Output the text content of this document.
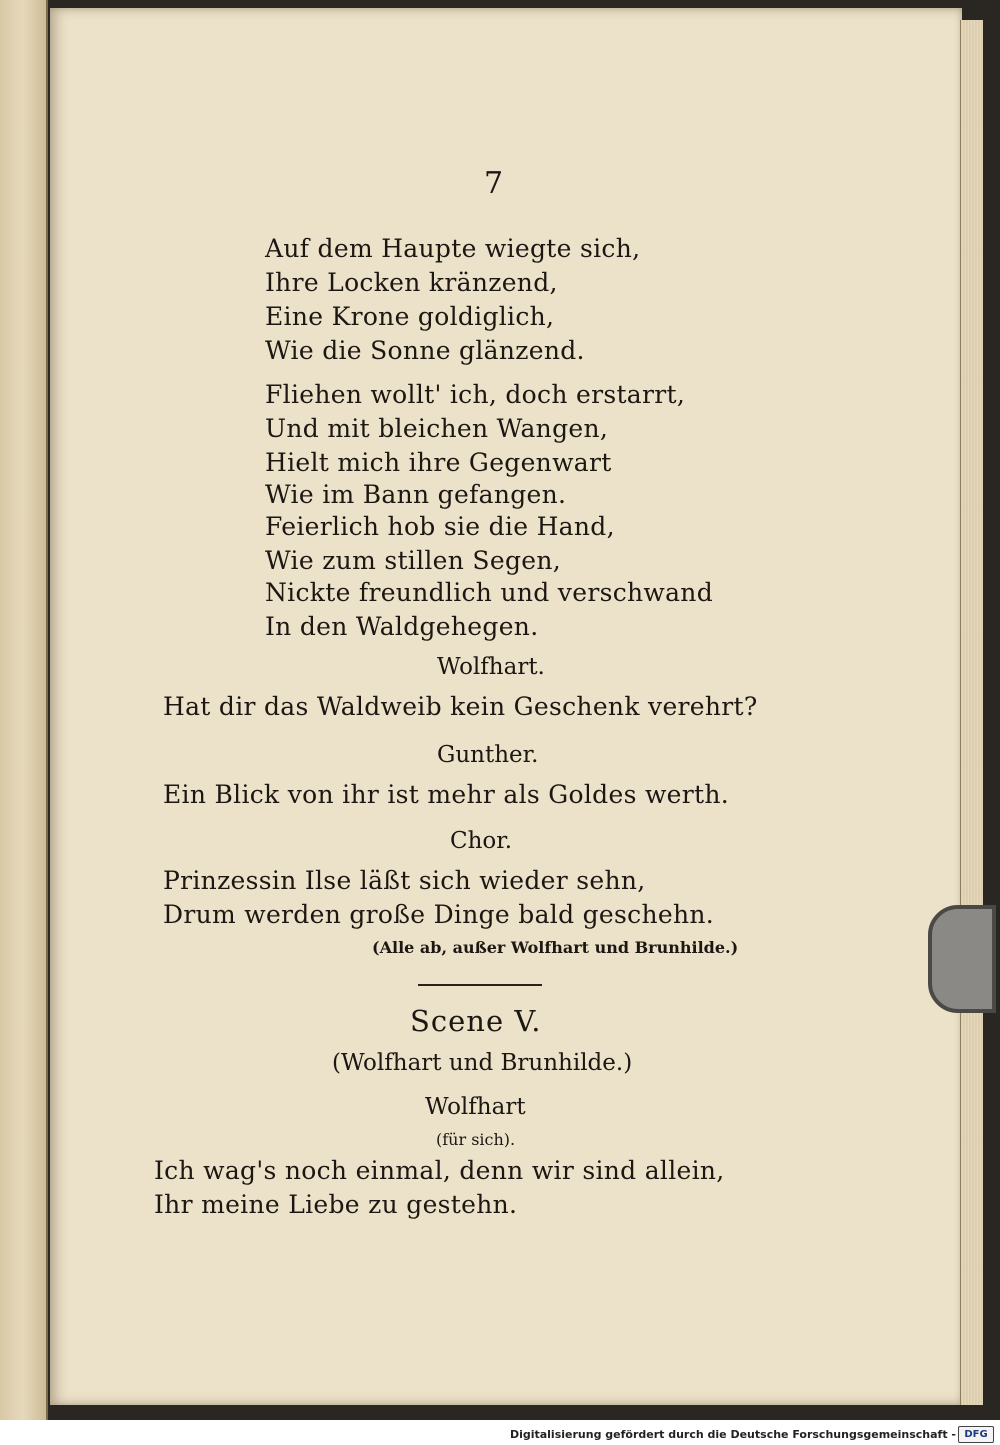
7
Auf dem Haupte wiegte sich,
Ihre Locken kränzend,
Eine Krone goldiglich,
Wie die Sonne glänzend.
Fliehen wollt' ich, doch erstarrt,
Und mit bleichen Wangen,
Hielt mich ihre Gegenwart
Wie im Bann gefangen.
Feierlich hob sie die Hand,
Wie zum stillen Segen,
Nickte freundlich und verschwand
In den Waldgehegen.
Wolfhart.
Hat dir das Waldweib kein Geschenk verehrt?
Gunther.
Ein Blick von ihr ist mehr als Goldes werth.
Chor.
Prinzessin Ilse läßt sich wieder sehn,
Drum werden große Dinge bald geschehn.
(Alle ab, außer Wolfhart und Brunhilde.)
Scene V.
(Wolfhart und Brunhilde.)
Wolfhart
(für sich).
Ich wag's noch einmal, denn wir sind allein,
Ihr meine Liebe zu gestehn.
Digitalisierung gefördert durch die Deutsche Forschungsgemeinschaft - DFG
